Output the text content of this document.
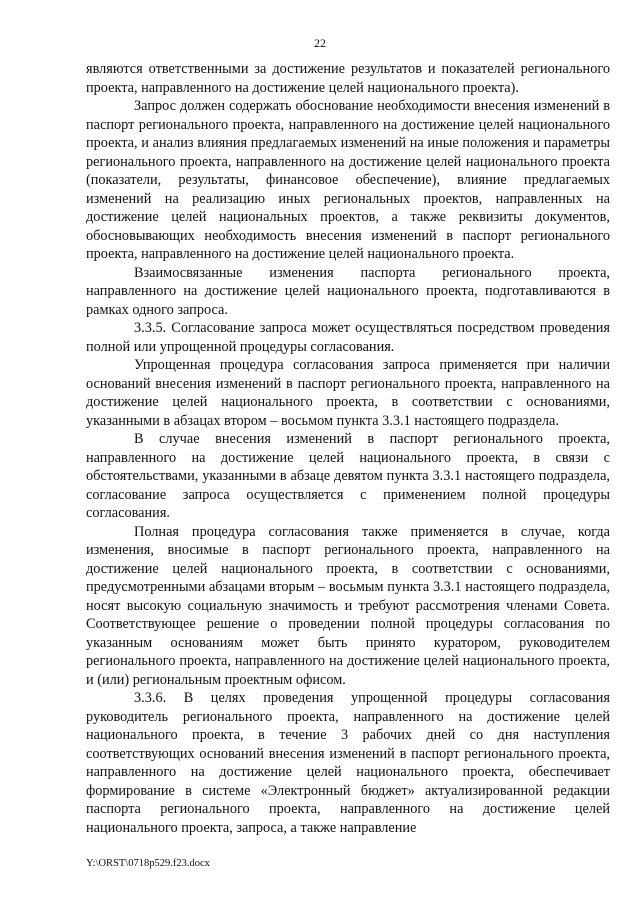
22

являются ответственными за достижение результатов и показателей регионального проекта, направленного на достижение целей национального проекта).

Запрос должен содержать обоснование необходимости внесения изменений в паспорт регионального проекта, направленного на достижение целей национального проекта, и анализ влияния предлагаемых изменений на иные положения и параметры регионального проекта, направленного на достижение целей национального проекта (показатели, результаты, финансовое обеспечение), влияние предлагаемых изменений на реализацию иных региональных проектов, направленных на достижение целей национальных проектов, а также реквизиты документов, обосновывающих необходимость внесения изменений в паспорт регионального проекта, направленного на достижение целей национального проекта.

Взаимосвязанные изменения паспорта регионального проекта, направленного на достижение целей национального проекта, подготавливаются в рамках одного запроса.

3.3.5. Согласование запроса может осуществляться посредством проведения полной или упрощенной процедуры согласования.

Упрощенная процедура согласования запроса применяется при наличии оснований внесения изменений в паспорт регионального проекта, направленного на достижение целей национального проекта, в соответствии с основаниями, указанными в абзацах втором – восьмом пункта 3.3.1 настоящего подраздела.

В случае внесения изменений в паспорт регионального проекта, направленного на достижение целей национального проекта, в связи с обстоятельствами, указанными в абзаце девятом пункта 3.3.1 настоящего подраздела, согласование запроса осуществляется с применением полной процедуры согласования.

Полная процедура согласования также применяется в случае, когда изменения, вносимые в паспорт регионального проекта, направленного на достижение целей национального проекта, в соответствии с основаниями, предусмотренными абзацами вторым – восьмым пункта 3.3.1 настоящего подраздела, носят высокую социальную значимость и требуют рассмотрения членами Совета. Соответствующее решение о проведении полной процедуры согласования по указанным основаниям может быть принято куратором, руководителем регионального проекта, направленного на достижение целей национального проекта, и (или) региональным проектным офисом.

3.3.6. В целях проведения упрощенной процедуры согласования руководитель регионального проекта, направленного на достижение целей национального проекта, в течение 3 рабочих дней со дня наступления соответствующих оснований внесения изменений в паспорт регионального проекта, направленного на достижение целей национального проекта, обеспечивает формирование в системе «Электронный бюджет» актуализированной редакции паспорта регионального проекта, направленного на достижение целей национального проекта, запроса, а также направление

Y:\ORST\0718p529.f23.docx
